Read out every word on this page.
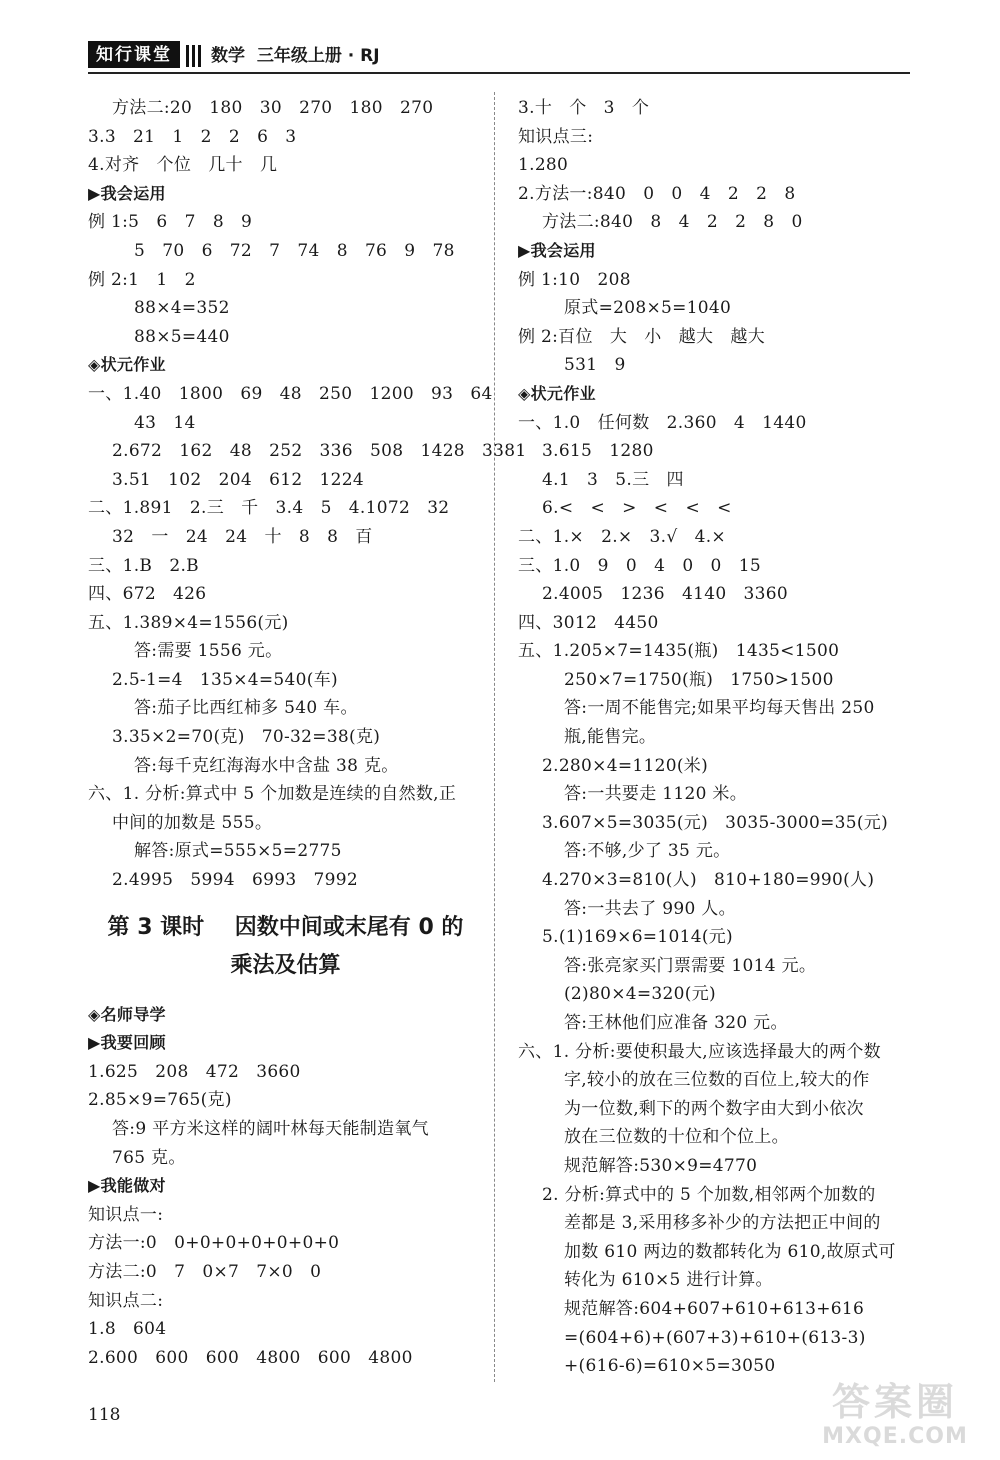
知行课堂	数学  三年级上册 · RJ
方法二:20   180   30   270   180   270
3.3   21   1   2   2   6   3
4.对齐   个位   几十   几
▶我会运用
例 1:5   6   7   8   9
5   70   6   72   7   74   8   76   9   78
例 2:1   1   2
88×4=352
88×5=440
◈状元作业
一、1.40   1800   69   48   250   1200   93   64
43   14
2.672   162   48   252   336   508   1428   3381
3.51   102   204   612   1224
二、1.891   2.三   千   3.4   5   4.1072   32
32   一   24   24   十   8   8   百
三、1.B   2.B
四、672   426
五、1.389×4=1556(元)
答:需要 1556 元。
2.5-1=4   135×4=540(车)
答:茄子比西红柿多 540 车。
3.35×2=70(克)   70-32=38(克)
答:每千克红海海水中含盐 38 克。
六、1. 分析:算式中 5 个加数是连续的自然数,正
中间的加数是 555。
解答:原式=555×5=2775
2.4995   5994   6993   7992
第 3 课时    因数中间或末尾有 0 的
乘法及估算
◈名师导学
▶我要回顾
1.625   208   472   3660
2.85×9=765(克)
答:9 平方米这样的阔叶林每天能制造氧气
765 克。
▶我能做对
知识点一:
方法一:0   0+0+0+0+0+0+0
方法二:0   7   0×7   7×0   0
知识点二:
1.8   604
2.600   600   600   4800   600   4800
3.十   个   3   个
知识点三:
1.280
2.方法一:840   0   0   4   2   2   8
方法二:840   8   4   2   2   8   0
▶我会运用
例 1:10   208
原式=208×5=1040
例 2:百位   大   小   越大   越大
531   9
◈状元作业
一、1.0   任何数   2.360   4   1440
3.615   1280
4.1   3   5.三   四
6.<   <   >   <   <   <
二、1.×   2.×   3.√   4.×
三、1.0   9   0   4   0   0   15
2.4005   1236   4140   3360
四、3012   4450
五、1.205×7=1435(瓶)   1435<1500
250×7=1750(瓶)   1750>1500
答:一周不能售完;如果平均每天售出 250
瓶,能售完。
2.280×4=1120(米)
答:一共要走 1120 米。
3.607×5=3035(元)   3035-3000=35(元)
答:不够,少了 35 元。
4.270×3=810(人)   810+180=990(人)
答:一共去了 990 人。
5.(1)169×6=1014(元)
答:张亮家买门票需要 1014 元。
(2)80×4=320(元)
答:王林他们应准备 320 元。
六、1. 分析:要使积最大,应该选择最大的两个数
字,较小的放在三位数的百位上,较大的作
为一位数,剩下的两个数字由大到小依次
放在三位数的十位和个位上。
规范解答:530×9=4770
2. 分析:算式中的 5 个加数,相邻两个加数的
差都是 3,采用移多补少的方法把正中间的
加数 610 两边的数都转化为 610,故原式可
转化为 610×5 进行计算。
规范解答:604+607+610+613+616
=(604+6)+(607+3)+610+(613-3)
+(616-6)=610×5=3050
118	答案圈
MXQE.COM
